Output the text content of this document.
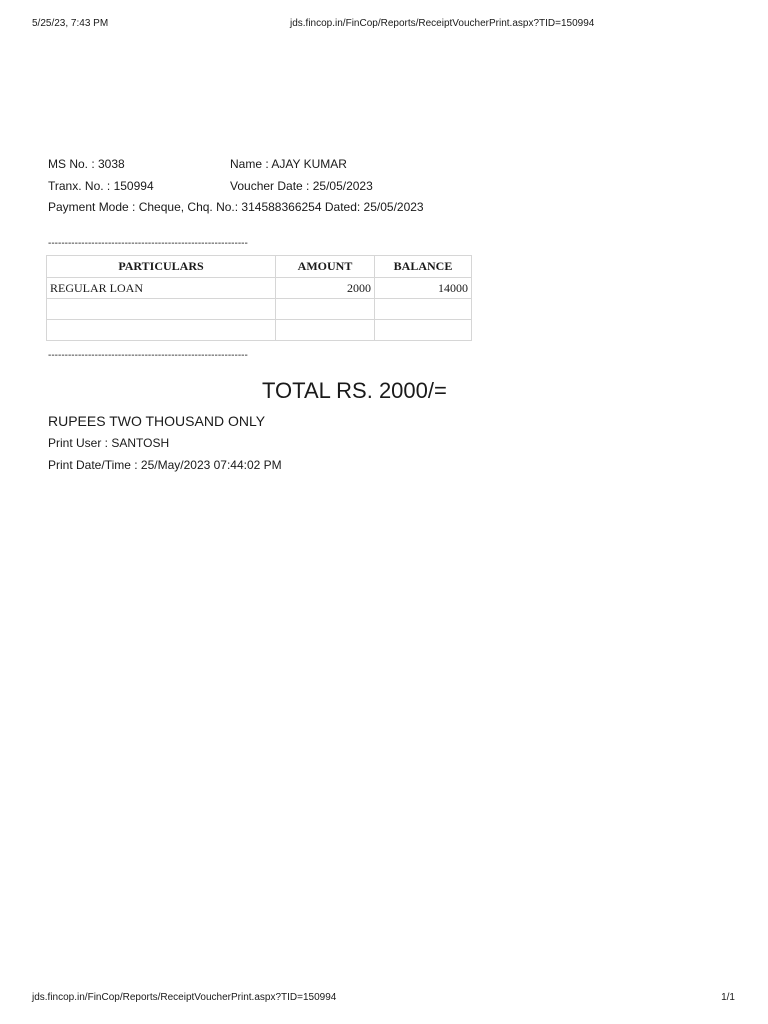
5/25/23, 7:43 PM	jds.fincop.in/FinCop/Reports/ReceiptVoucherPrint.aspx?TID=150994
MS No. : 3038	Name : AJAY KUMAR
Tranx. No. : 150994	Voucher Date : 25/05/2023
Payment Mode : Cheque, Chq. No.: 314588366254 Dated: 25/05/2023
------------------------------------------------------------
PARTICULARS	AMOUNT	BALANCE
REGULAR LOAN	2000	14000

------------------------------------------------------------
TOTAL RS. 2000/=
RUPEES TWO THOUSAND ONLY
Print User : SANTOSH
Print Date/Time : 25/May/2023 07:44:02 PM
jds.fincop.in/FinCop/Reports/ReceiptVoucherPrint.aspx?TID=150994	1/1
